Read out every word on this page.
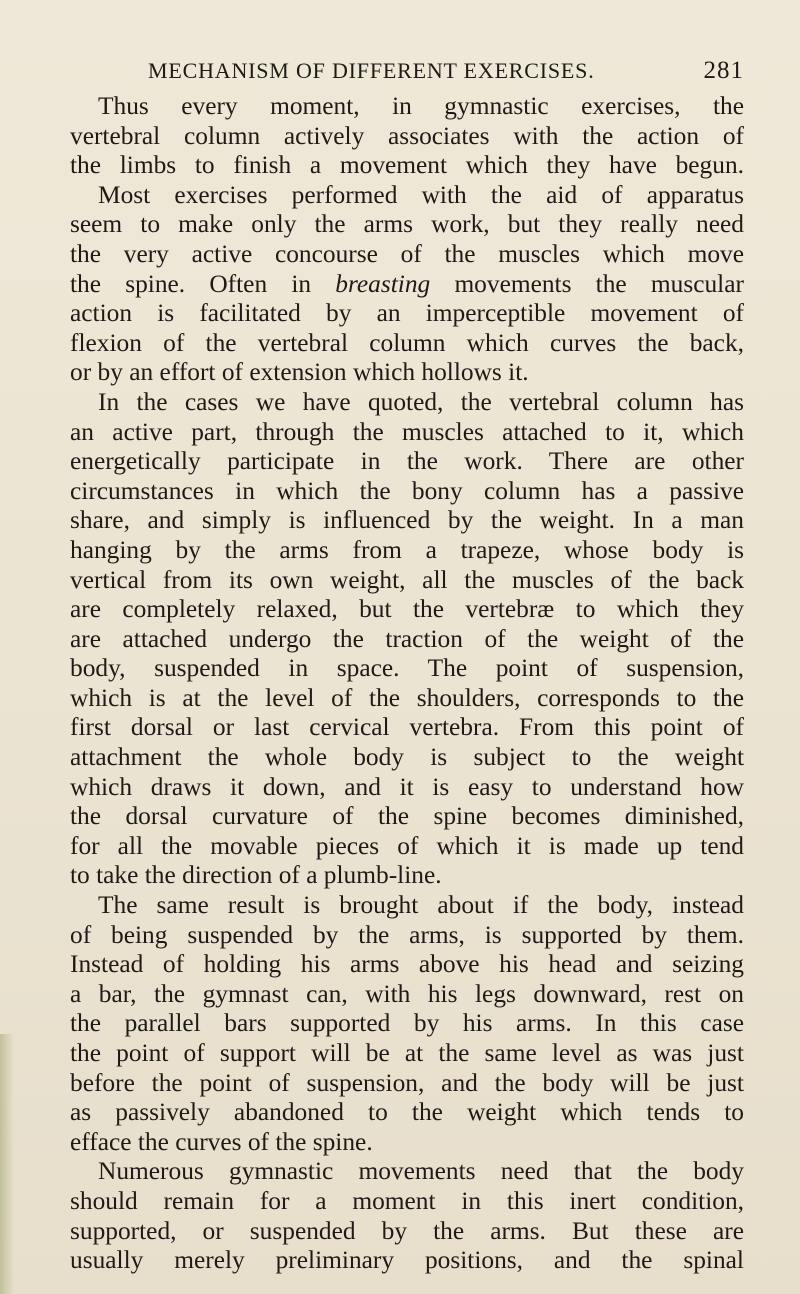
MECHANISM OF DIFFERENT EXERCISES.	281
Thus every moment, in gymnastic exercises, the
vertebral column actively associates with the action of
the limbs to finish a movement which they have begun.
Most exercises performed with the aid of apparatus
seem to make only the arms work, but they really need
the very active concourse of the muscles which move
the spine. Often in breasting movements the muscular
action is facilitated by an imperceptible movement of
flexion of the vertebral column which curves the back,
or by an effort of extension which hollows it.
In the cases we have quoted, the vertebral column has
an active part, through the muscles attached to it, which
energetically participate in the work. There are other
circumstances in which the bony column has a passive
share, and simply is influenced by the weight. In a man
hanging by the arms from a trapeze, whose body is
vertical from its own weight, all the muscles of the back
are completely relaxed, but the vertebræ to which they
are attached undergo the traction of the weight of the
body, suspended in space. The point of suspension,
which is at the level of the shoulders, corresponds to the
first dorsal or last cervical vertebra. From this point of
attachment the whole body is subject to the weight
which draws it down, and it is easy to understand how
the dorsal curvature of the spine becomes diminished,
for all the movable pieces of which it is made up tend
to take the direction of a plumb-line.
The same result is brought about if the body, instead
of being suspended by the arms, is supported by them.
Instead of holding his arms above his head and seizing
a bar, the gymnast can, with his legs downward, rest on
the parallel bars supported by his arms. In this case
the point of support will be at the same level as was just
before the point of suspension, and the body will be just
as passively abandoned to the weight which tends to
efface the curves of the spine.
Numerous gymnastic movements need that the body
should remain for a moment in this inert condition,
supported, or suspended by the arms. But these are
usually merely preliminary positions, and the spinal
